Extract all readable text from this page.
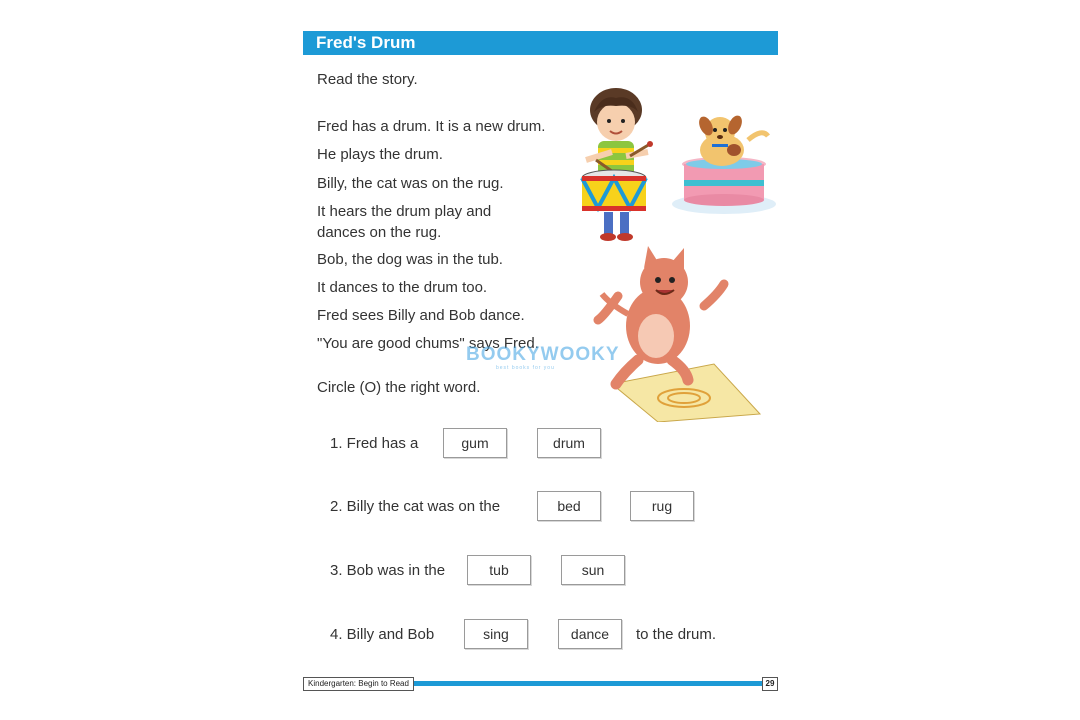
Fred's Drum
Read the story.
Fred has a drum. It is a new drum.
He plays the drum.
Billy, the cat was on the rug.
It hears the drum play and dances on the rug.
Bob, the dog was in the tub.
It dances to the drum too.
Fred sees Billy and Bob dance.
"You are good chums" says Fred.
BOOKYWOOKY
best books for you
Circle (O) the right word.
1. Fred has a	gum	drum
2. Billy the cat was on the	bed	rug
3. Bob was in the	tub	sun
4. Billy and Bob	sing	dance	to the drum.
Kindergarten: Begin to Read	29
